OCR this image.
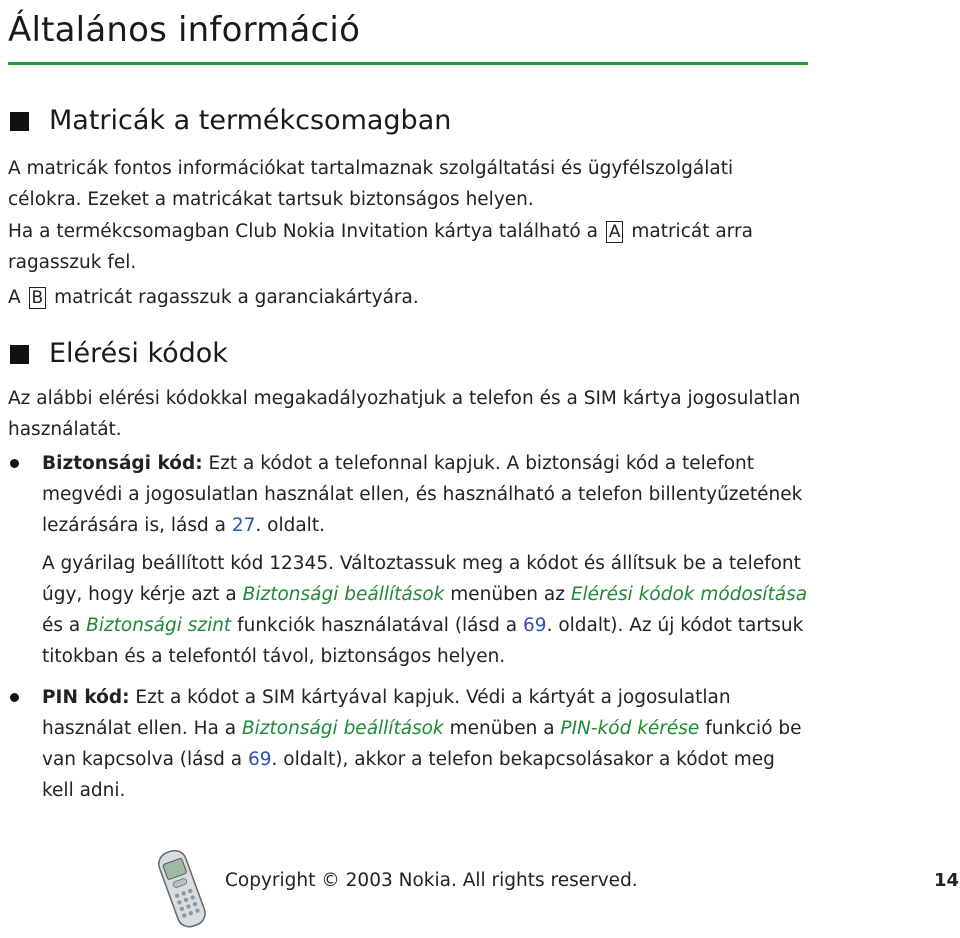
Általános információ
Matricák a termékcsomagban

A matricák fontos információkat tartalmaznak szolgáltatási és ügyfélszolgálati célokra. Ezeket a matricákat tartsuk biztonságos helyen.

Ha a termékcsomagban Club Nokia Invitation kártya található a A matricát arra ragasszuk fel.

A B matricát ragasszuk a garanciakártyára.

Elérési kódok

Az alábbi elérési kódokkal megakadályozhatjuk a telefon és a SIM kártya jogosulatlan használatát.

Biztonsági kód: Ezt a kódot a telefonnal kapjuk. A biztonsági kód a telefont megvédi a jogosulatlan használat ellen, és használható a telefon billentyűzetének lezárására is, lásd a 27. oldalt.

A gyárilag beállított kód 12345. Változtassuk meg a kódot és állítsuk be a telefont úgy, hogy kérje azt a Biztonsági beállítások menüben az Elérési kódok módosítása és a Biztonsági szint funkciók használatával (lásd a 69. oldalt). Az új kódot tartsuk titokban és a telefontól távol, biztonságos helyen.

PIN kód: Ezt a kódot a SIM kártyával kapjuk. Védi a kártyát a jogosulatlan használat ellen. Ha a Biztonsági beállítások menüben a PIN-kód kérése funkció be van kapcsolva (lásd a 69. oldalt), akkor a telefon bekapcsolásakor a kódot meg kell adni.

Copyright © 2003 Nokia. All rights reserved.	14
